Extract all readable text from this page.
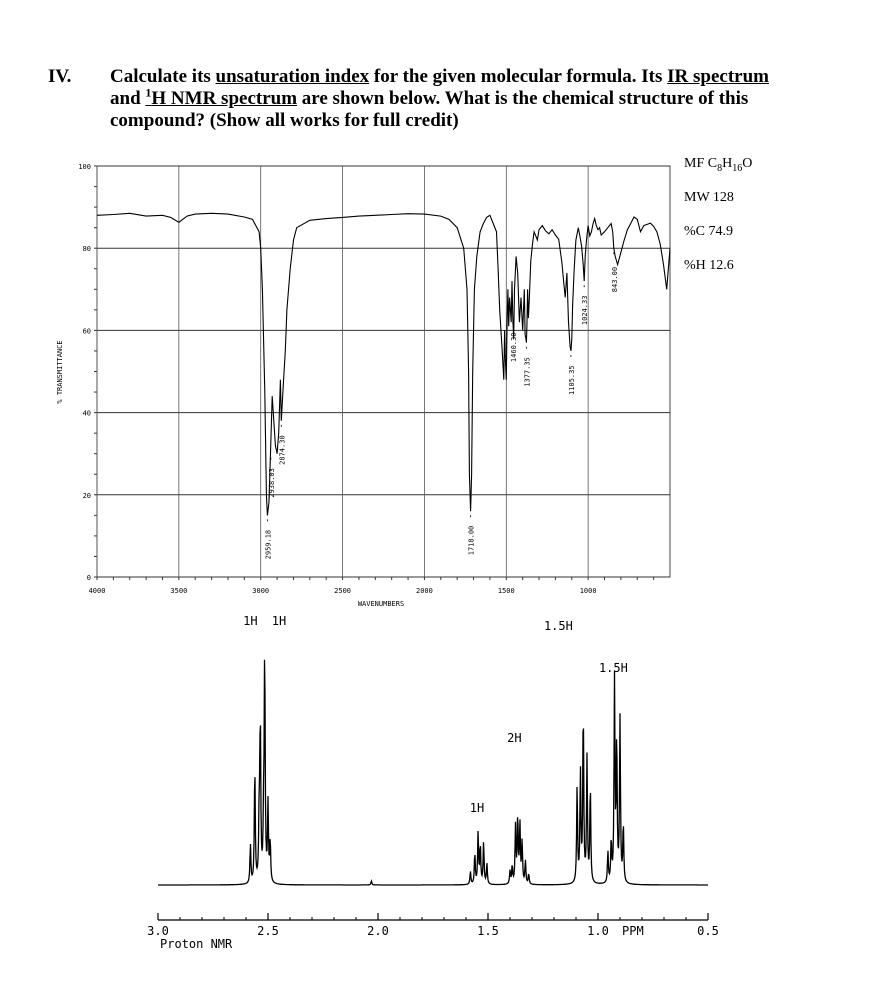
IV. Calculate its unsaturation index for the given molecular formula. Its IR spectrum and $^1$H NMR spectrum are shown below. What is the chemical structure of this compound? (Show all works for full credit)
MF $C_8H_{16}O$
MW 128
%C 74.9
%H 12.6
100
80
60
40
20
0
4000	3500	3000	2500	2000	1500	1000
WAVENUMBERS
% TRANSMITTANCE
2959.18
2938.03
2874.30
1718.00
1460.30
1377.35	1105.35
1024.33
843.00
3.0	2.5	2.0	1.5	1.0	0.5
PPM
Proton NMR
1H 1H
1H
2H
1.5H
1.5H
